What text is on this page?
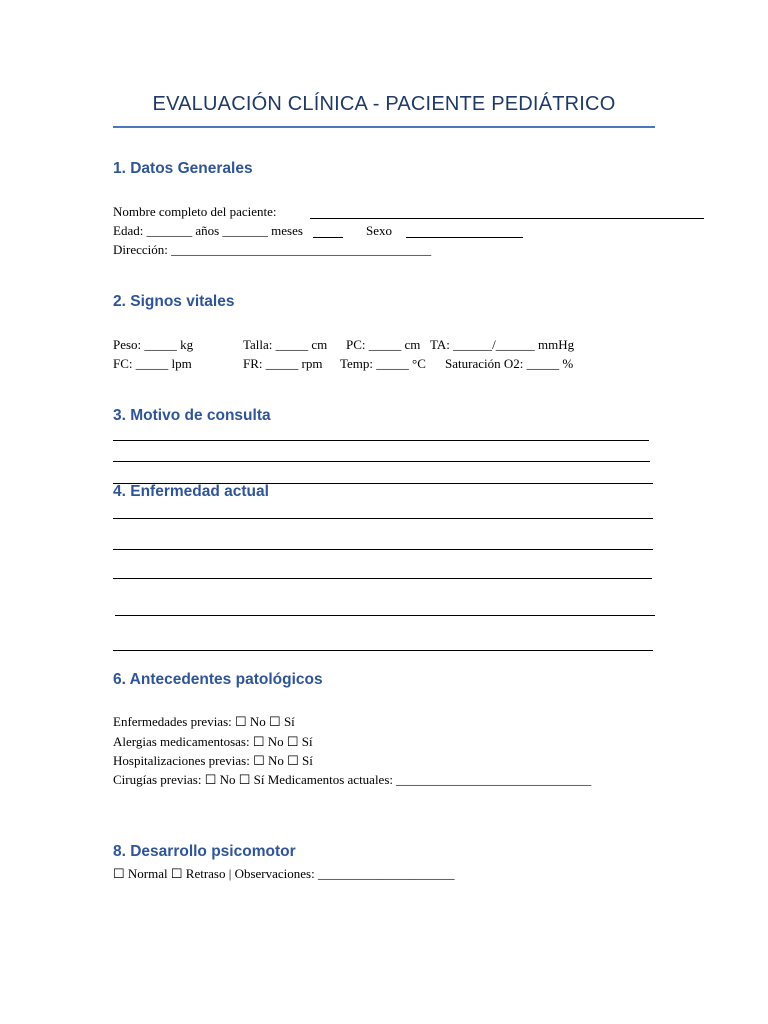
EVALUACIÓN CLÍNICA - PACIENTE PEDIÁTRICO
1. Datos Generales
Nombre completo del paciente:
Edad: _______ años _______ meses	Sexo
Dirección: ________________________________________
2. Signos vitales
Peso: _____ kg	Talla: _____ cm PC: _____ cm TA: ______/______ mmHg
FC: _____ lpm	FR: _____ rpm Temp: _____ °C Saturación O2: _____ %
3. Motivo de consulta
4. Enfermedad actual
6. Antecedentes patológicos
Enfermedades previas: ☐ No ☐ Sí
Alergias medicamentosas: ☐ No ☐ Sí
Hospitalizaciones previas: ☐ No ☐ Sí
Cirugías previas: ☐ No ☐ Sí Medicamentos actuales: ______________________________
8. Desarrollo psicomotor
☐ Normal ☐ Retraso | Observaciones: _____________________
